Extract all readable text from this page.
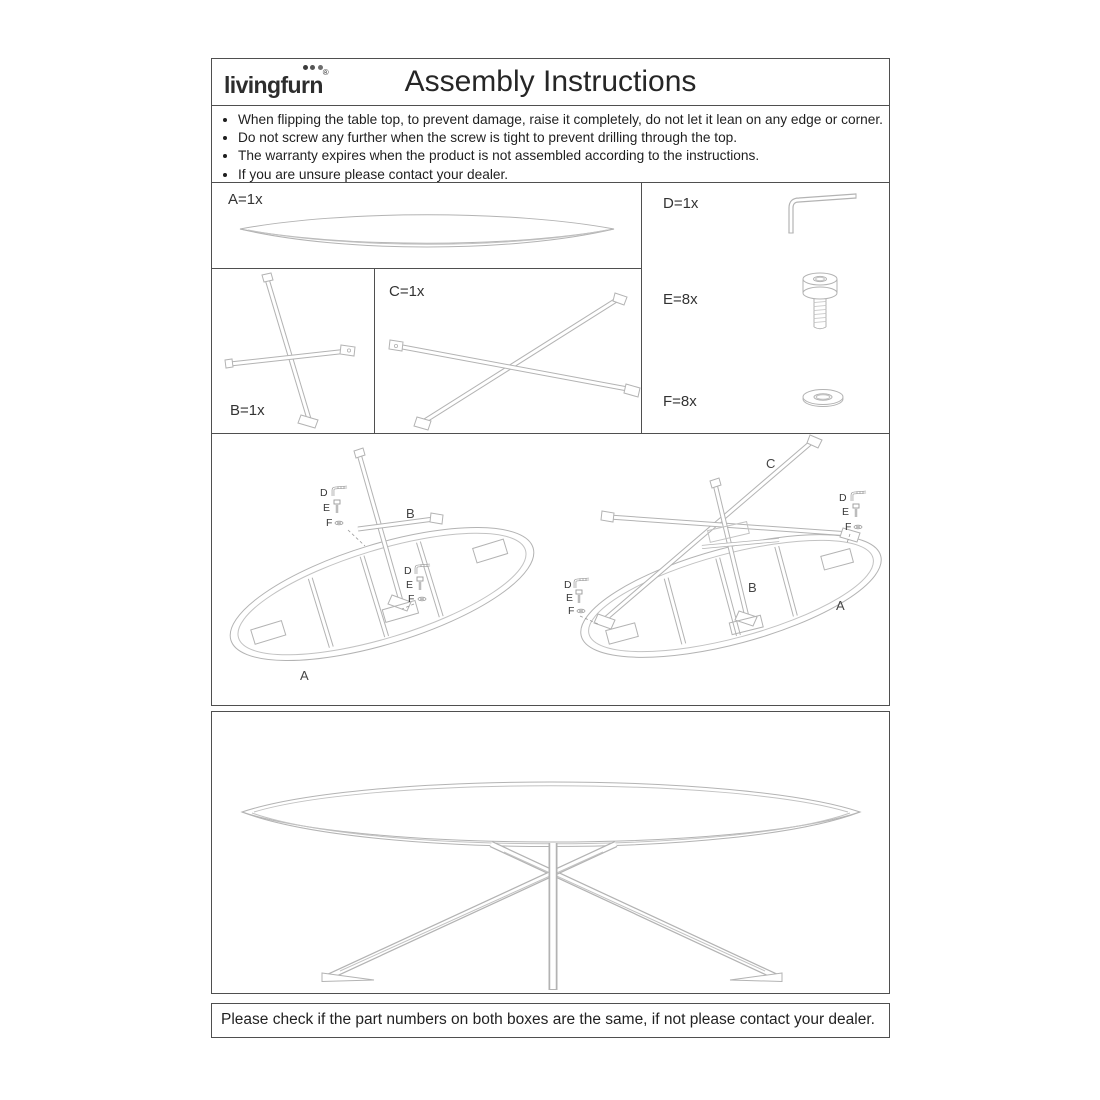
livingfurn®	Assembly Instructions
• When flipping the table top, to prevent damage, raise it completely, do not let it lean on any edge or corner.
• Do not screw any further when the screw is tight to prevent drilling through the top.
• The warranty expires when the product is not assembled according to the instructions.
• If you are unsure please contact your dealer.
A=1x
B=1x
C=1x
D=1x
E=8x
F=8x
D
E
F
D
E
F
B
A
D
E
F
D
E
F
C
B
A
Please check if the part numbers on both boxes are the same, if not please contact your dealer.
